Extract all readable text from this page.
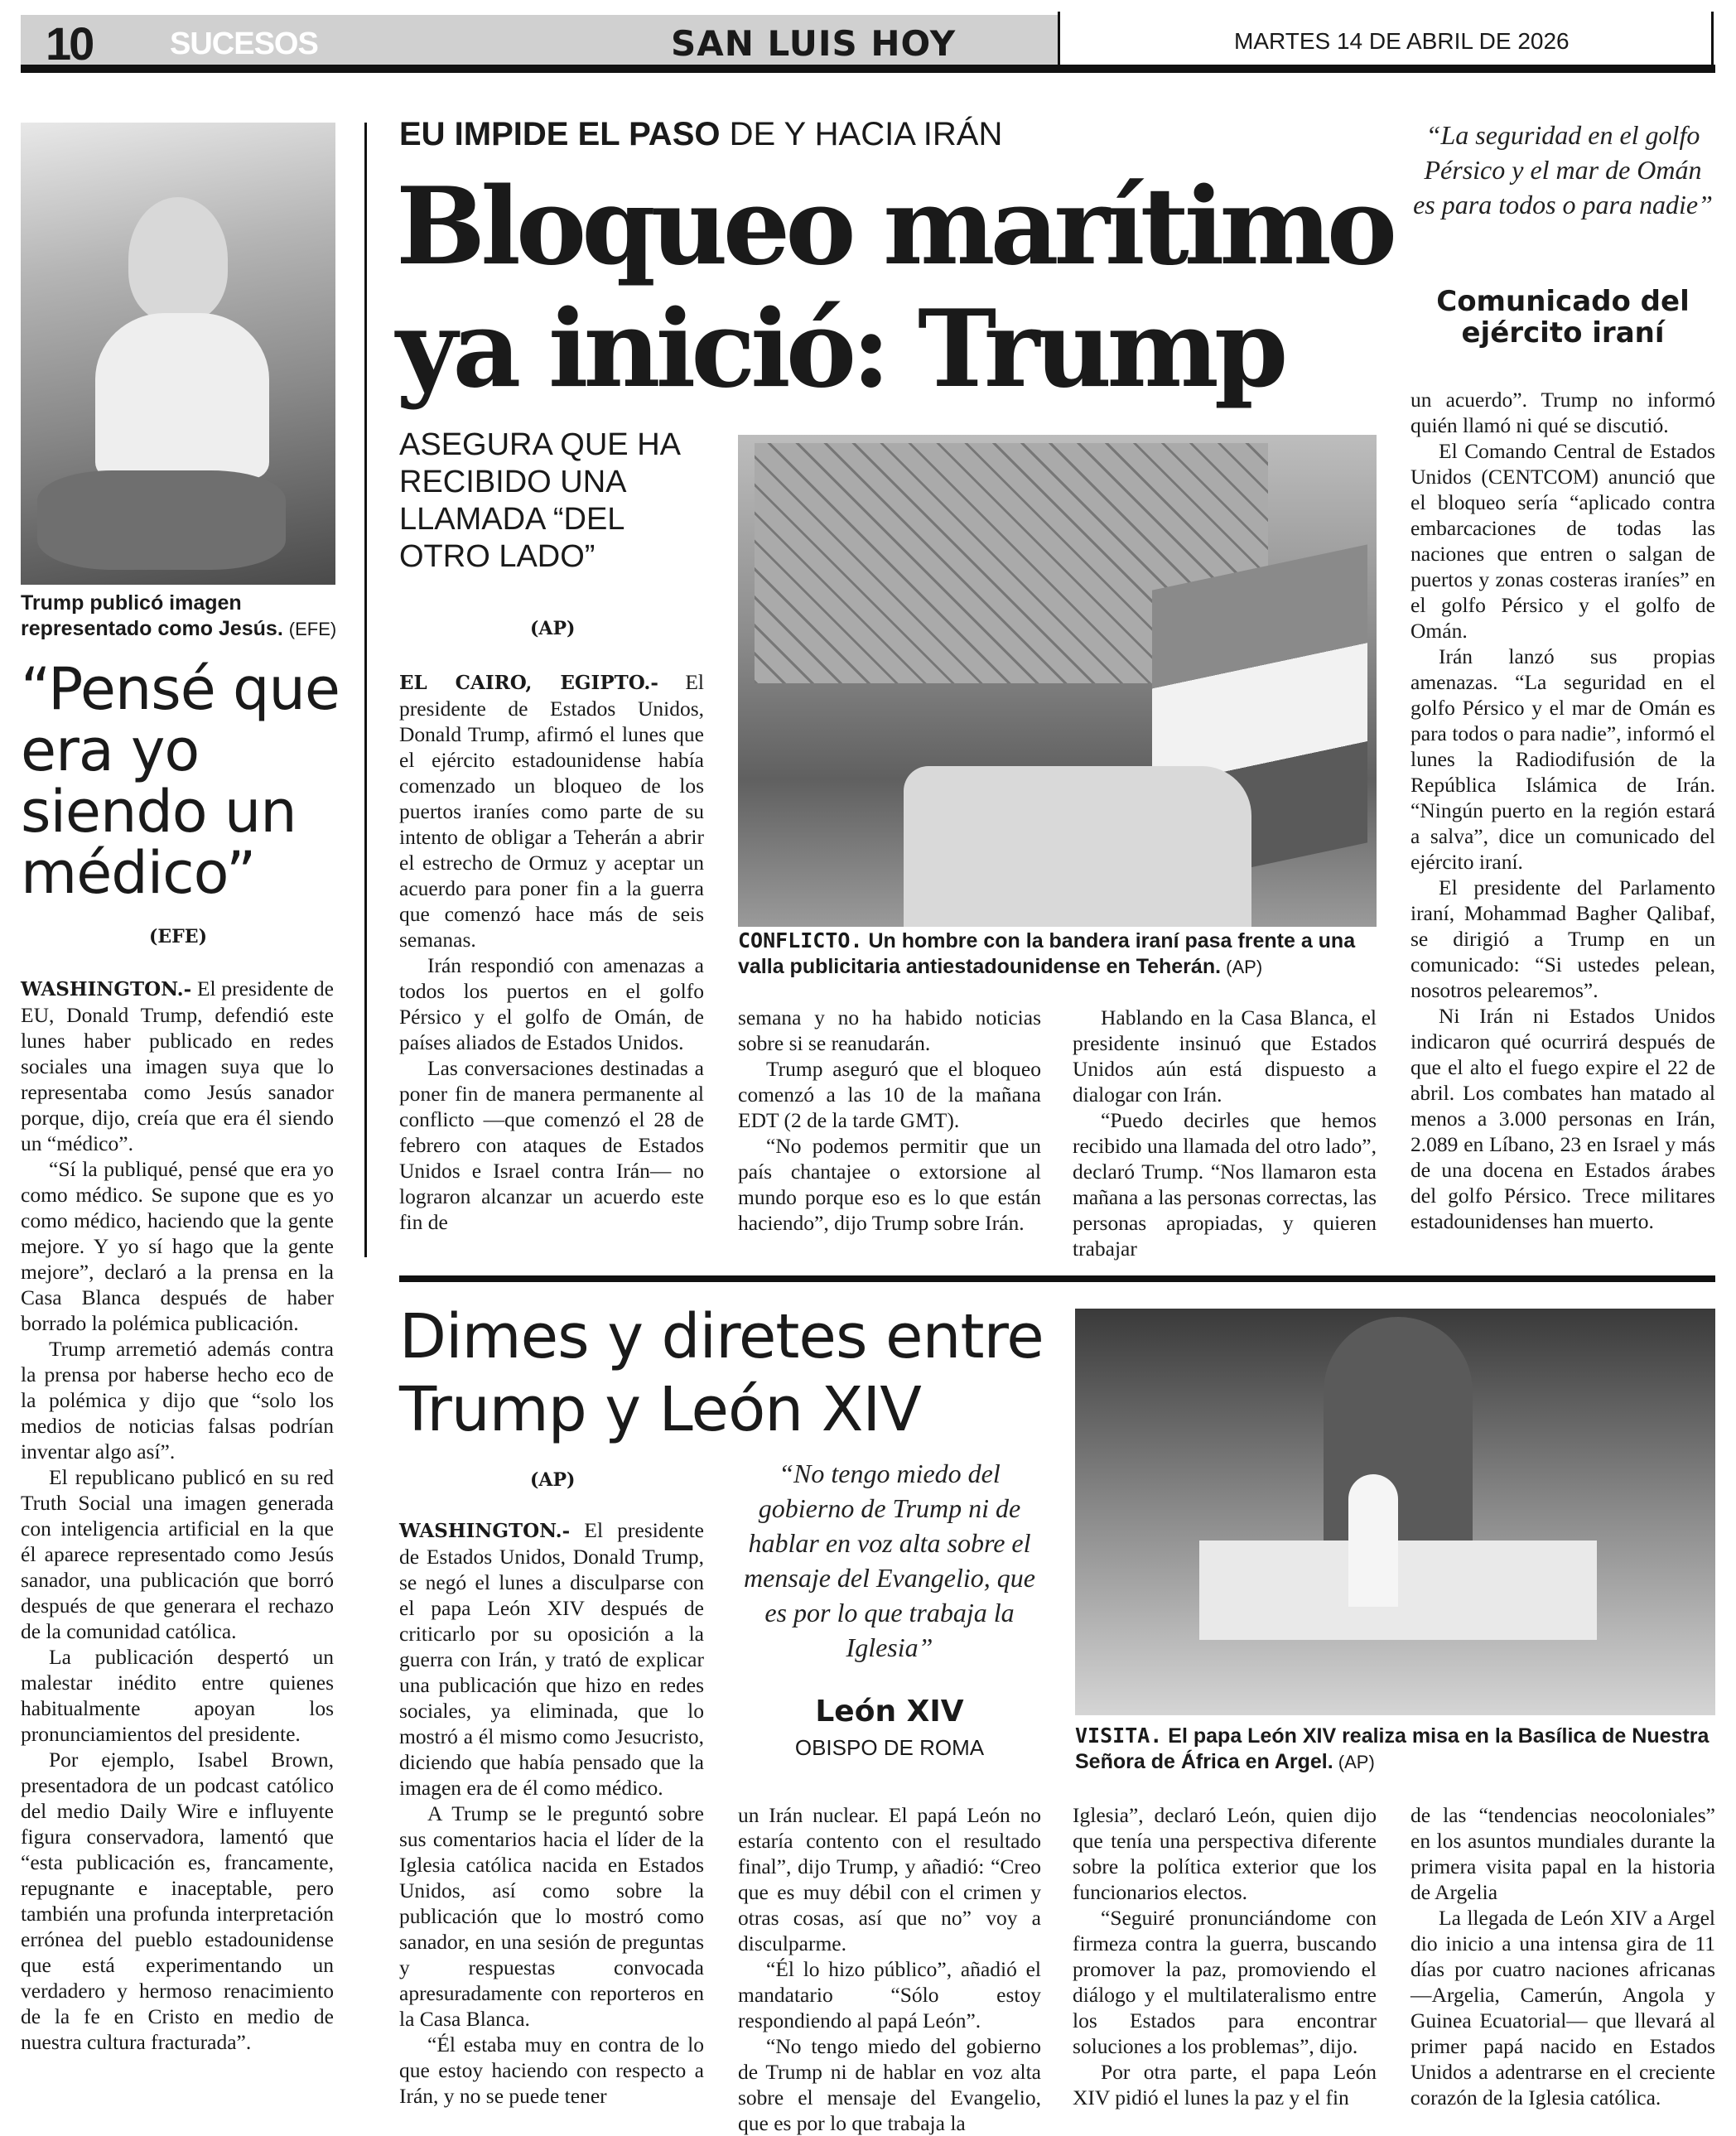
10 SUCESOS	SAN LUIS HOY	MARTES 14 DE ABRIL DE 2026
Trump publicó imagen representado como Jesús. (EFE)
“Pensé que era yo siendo un médico”
(EFE)

WASHINGTON.- El presidente de EU, Donald Trump, defendió este lunes haber publicado en redes sociales una imagen suya que lo representaba como Jesús sanador porque, dijo, creía que era él siendo un “médico”.

“Sí la publiqué, pensé que era yo como médico. Se supone que es yo como médico, haciendo que la gente mejore. Y yo sí hago que la gente mejore”, declaró a la prensa en la Casa Blanca después de haber borrado la polémica publicación.

Trump arremetió además contra la prensa por haberse hecho eco de la polémica y dijo que “solo los medios de noticias falsas podrían inventar algo así”.

El republicano publicó en su red Truth Social una imagen generada con inteligencia artificial en la que él aparece representado como Jesús sanador, una publicación que borró después de que generara el rechazo de la comunidad católica.

La publicación despertó un malestar inédito entre quienes habitualmente apoyan los pronunciamientos del presidente.

Por ejemplo, Isabel Brown, presentadora de un podcast católico del medio Daily Wire e influyente figura conservadora, lamentó que “esta publicación es, francamente, repugnante e inaceptable, pero también una profunda interpretación errónea del pueblo estadounidense que está experimentando un verdadero y hermoso renacimiento de la fe en Cristo en medio de nuestra cultura fracturada”.

EU IMPIDE EL PASO DE Y HACIA IRÁN
Bloqueo marítimo ya inició: Trump
ASEGURA QUE HA RECIBIDO UNA LLAMADA “DEL OTRO LADO”
(AP)
CONFLICTO. Un hombre con la bandera iraní pasa frente a una valla publicitaria antiestadounidense en Teherán. (AP)

EL CAIRO, EGIPTO.- El presidente de Estados Unidos, Donald Trump, afirmó el lunes que el ejército estadounidense había comenzado un bloqueo de los puertos iraníes como parte de su intento de obligar a Teherán a abrir el estrecho de Ormuz y aceptar un acuerdo para poner fin a la guerra que comenzó hace más de seis semanas.

Irán respondió con amenazas a todos los puertos en el golfo Pérsico y el golfo de Omán, de países aliados de Estados Unidos.

Las conversaciones destinadas a poner fin de manera permanente al conflicto —que comenzó el 28 de febrero con ataques de Estados Unidos e Israel contra Irán— no lograron alcanzar un acuerdo este fin de

semana y no ha habido noticias sobre si se reanudarán.

Trump aseguró que el bloqueo comenzó a las 10 de la mañana EDT (2 de la tarde GMT).

“No podemos permitir que un país chantajee o extorsione al mundo porque eso es lo que están haciendo”, dijo Trump sobre Irán.

Hablando en la Casa Blanca, el presidente insinuó que Estados Unidos aún está dispuesto a dialogar con Irán.

“Puedo decirles que hemos recibido una llamada del otro lado”, declaró Trump. “Nos llamaron esta mañana a las personas correctas, las personas apropiadas, y quieren trabajar

“La seguridad en el golfo Pérsico y el mar de Omán es para todos o para nadie”
Comunicado del ejército iraní

un acuerdo”. Trump no informó quién llamó ni qué se discutió.

El Comando Central de Estados Unidos (CENTCOM) anunció que el bloqueo sería “aplicado contra embarcaciones de todas las naciones que entren o salgan de puertos y zonas costeras iraníes” en el golfo Pérsico y el golfo de Omán.

Irán lanzó sus propias amenazas. “La seguridad en el golfo Pérsico y el mar de Omán es para todos o para nadie”, informó el lunes la Radiodifusión de la República Islámica de Irán. “Ningún puerto en la región estará a salva”, dice un comunicado del ejército iraní.

El presidente del Parlamento iraní, Mohammad Bagher Qalibaf, se dirigió a Trump en un comunicado: “Si ustedes pelean, nosotros pelearemos”.

Ni Irán ni Estados Unidos indicaron qué ocurrirá después de que el alto el fuego expire el 22 de abril. Los combates han matado al menos a 3.000 personas en Irán, 2.089 en Líbano, 23 en Israel y más de una docena en Estados árabes del golfo Pérsico. Trece militares estadounidenses han muerto.

Dimes y diretes entre Trump y León XIV
(AP)	“No tengo miedo del gobierno de Trump ni de hablar en voz alta sobre el mensaje del Evangelio, que es por lo que trabaja la Iglesia”
León XIV
OBISPO DE ROMA	VISITA. El papa León XIV realiza misa en la Basílica de Nuestra Señora de África en Argel. (AP)

WASHINGTON.- El presidente de Estados Unidos, Donald Trump, se negó el lunes a disculparse con el papa León XIV después de criticarlo por su oposición a la guerra con Irán, y trató de explicar una publicación que hizo en redes sociales, ya eliminada, que lo mostró a él mismo como Jesucristo, diciendo que había pensado que la imagen era de él como médico.

A Trump se le preguntó sobre sus comentarios hacia el líder de la Iglesia católica nacida en Estados Unidos, así como sobre la publicación que lo mostró como sanador, en una sesión de preguntas y respuestas convocada apresuradamente con reporteros en la Casa Blanca.

“Él estaba muy en contra de lo que estoy haciendo con respecto a Irán, y no se puede tener

un Irán nuclear. El papá León no estaría contento con el resultado final”, dijo Trump, y añadió: “Creo que es muy débil con el crimen y otras cosas, así que no” voy a disculparme.

“Él lo hizo público”, añadió el mandatario “Sólo estoy respondiendo al papá León”.

“No tengo miedo del gobierno de Trump ni de hablar en voz alta sobre el mensaje del Evangelio, que es por lo que trabaja la

Iglesia”, declaró León, quien dijo que tenía una perspectiva diferente sobre la política exterior que los funcionarios electos.

“Seguiré pronunciándome con firmeza contra la guerra, buscando promover la paz, promoviendo el diálogo y el multilateralismo entre los Estados para encontrar soluciones a los problemas”, dijo.

Por otra parte, el papa León XIV pidió el lunes la paz y el fin

de las “tendencias neocoloniales” en los asuntos mundiales durante la primera visita papal en la historia de Argelia

La llegada de León XIV a Argel dio inicio a una intensa gira de 11 días por cuatro naciones africanas —Argelia, Camerún, Angola y Guinea Ecuatorial— que llevará al primer papá nacido en Estados Unidos a adentrarse en el creciente corazón de la Iglesia católica.
